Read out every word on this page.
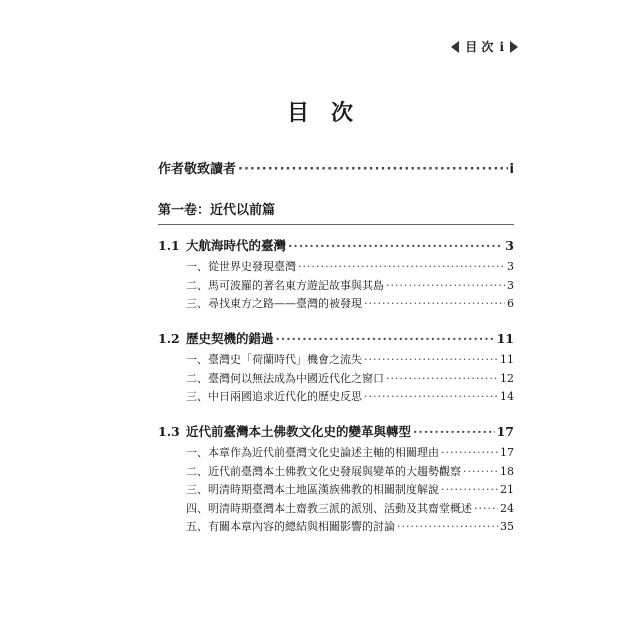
目 次 i
目次
作者敬致讀者 ·····	i
第一卷：近代以前篇
1.1 大航海時代的臺灣 ·····	3
一、從世界史發現臺灣 ·····	3
二、馬可波羅的著名東方遊記故事與其島 ·····	3
三、尋找東方之路——臺灣的被發現 ·····	6
1.2 歷史契機的錯過 ·····	11
一、臺灣史「荷蘭時代」機會之流失 ·····	11
二、臺灣何以無法成為中國近代化之窗口 ·····	12
三、中日兩國追求近代化的歷史反思 ·····	14
1.3 近代前臺灣本土佛教文化史的變革與轉型 ·····	17
一、本章作為近代前臺灣文化史論述主軸的相關理由 ·····	17
二、近代前臺灣本土佛教文化史發展與變革的大趨勢觀察 ·····	18
三、明清時期臺灣本土地區漢族佛教的相關制度解說 ·····	21
四、明清時期臺灣本土齋教三派的派別、活動及其齋堂概述 ·····	24
五、有關本章內容的總結與相關影響的討論 ·····	35
